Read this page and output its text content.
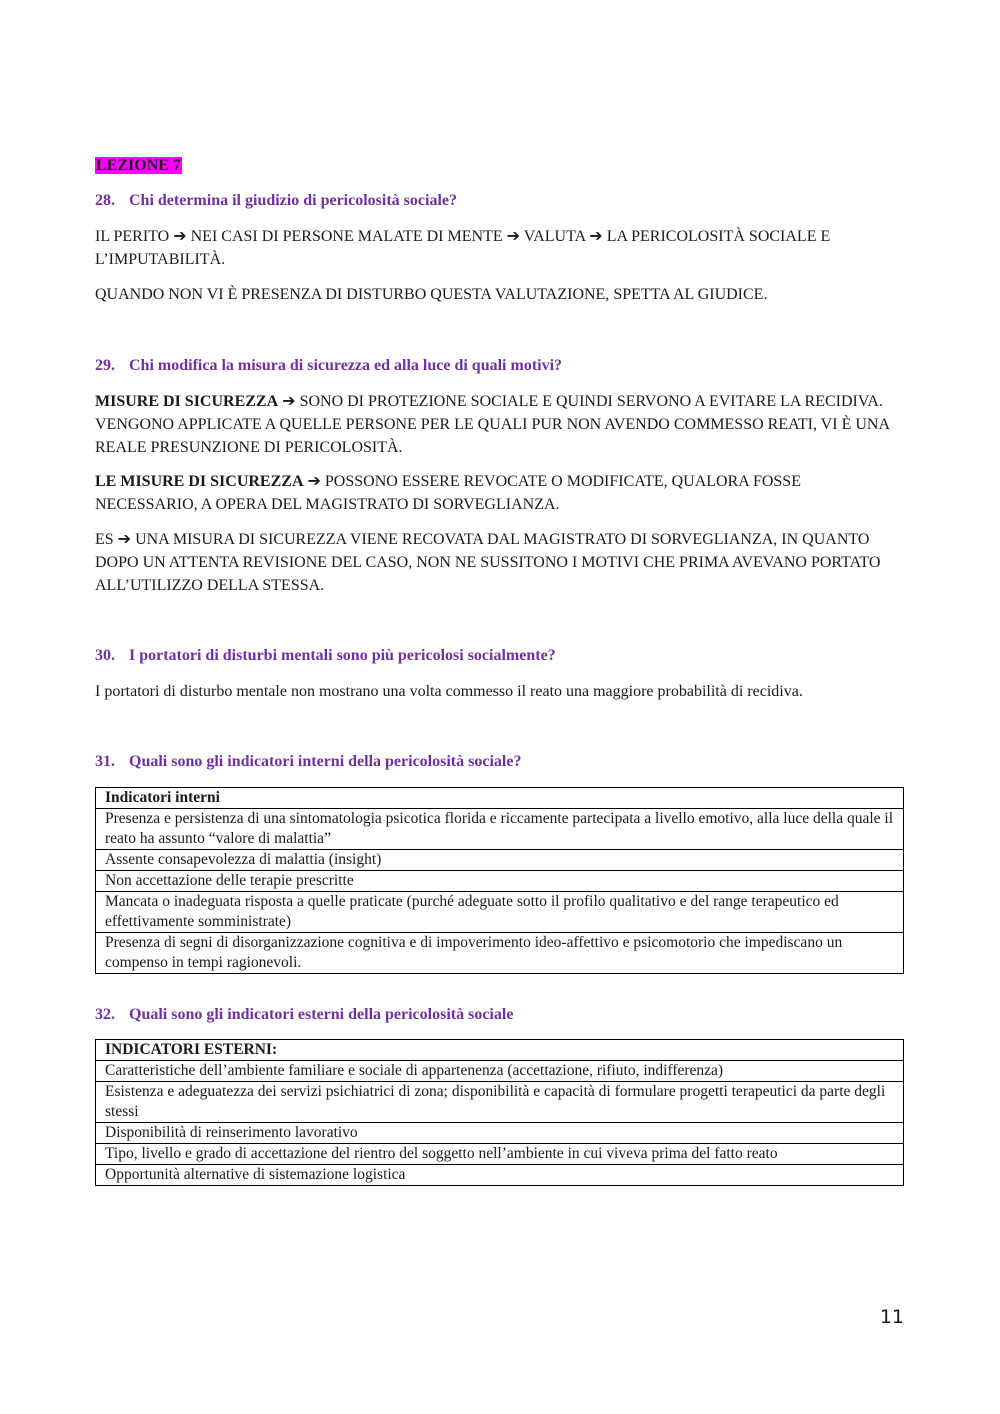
LEZIONE 7

28. Chi determina il giudizio di pericolosità sociale?

IL PERITO ➔ NEI CASI DI PERSONE MALATE DI MENTE ➔ VALUTA ➔ LA PERICOLOSITÀ SOCIALE E L’IMPUTABILITÀ.

QUANDO NON VI È PRESENZA DI DISTURBO QUESTA VALUTAZIONE, SPETTA AL GIUDICE.

29. Chi modifica la misura di sicurezza ed alla luce di quali motivi?

MISURE DI SICUREZZA ➔ SONO DI PROTEZIONE SOCIALE E QUINDI SERVONO A EVITARE LA RECIDIVA. VENGONO APPLICATE A QUELLE PERSONE PER LE QUALI PUR NON AVENDO COMMESSO REATI, VI È UNA REALE PRESUNZIONE DI PERICOLOSITÀ.

LE MISURE DI SICUREZZA ➔ POSSONO ESSERE REVOCATE O MODIFICATE, QUALORA FOSSE NECESSARIO, A OPERA DEL MAGISTRATO DI SORVEGLIANZA.

ES ➔ UNA MISURA DI SICUREZZA VIENE RECOVATA DAL MAGISTRATO DI SORVEGLIANZA, IN QUANTO DOPO UN ATTENTA REVISIONE DEL CASO, NON NE SUSSITONO I MOTIVI CHE PRIMA AVEVANO PORTATO ALL’UTILIZZO DELLA STESSA.

30. I portatori di disturbi mentali sono più pericolosi socialmente?

I portatori di disturbo mentale non mostrano una volta commesso il reato una maggiore probabilità di recidiva.

31. Quali sono gli indicatori interni della pericolosità sociale?

Indicatori interni
Presenza e persistenza di una sintomatologia psicotica florida e riccamente partecipata a livello emotivo, alla luce della quale il reato ha assunto “valore di malattia”
Assente consapevolezza di malattia (insight)
Non accettazione delle terapie prescritte
Mancata o inadeguata risposta a quelle praticate (purché adeguate sotto il profilo qualitativo e del range terapeutico ed effettivamente somministrate)
Presenza di segni di disorganizzazione cognitiva e di impoverimento ideo-affettivo e psicomotorio che impediscano un compenso in tempi ragionevoli.

32. Quali sono gli indicatori esterni della pericolosità sociale

INDICATORI ESTERNI:
Caratteristiche dell’ambiente familiare e sociale di appartenenza (accettazione, rifiuto, indifferenza)
Esistenza e adeguatezza dei servizi psichiatrici di zona; disponibilità e capacità di formulare progetti terapeutici da parte degli stessi
Disponibilità di reinserimento lavorativo
Tipo, livello e grado di accettazione del rientro del soggetto nell’ambiente in cui viveva prima del fatto reato
Opportunità alternative di sistemazione logistica
11
